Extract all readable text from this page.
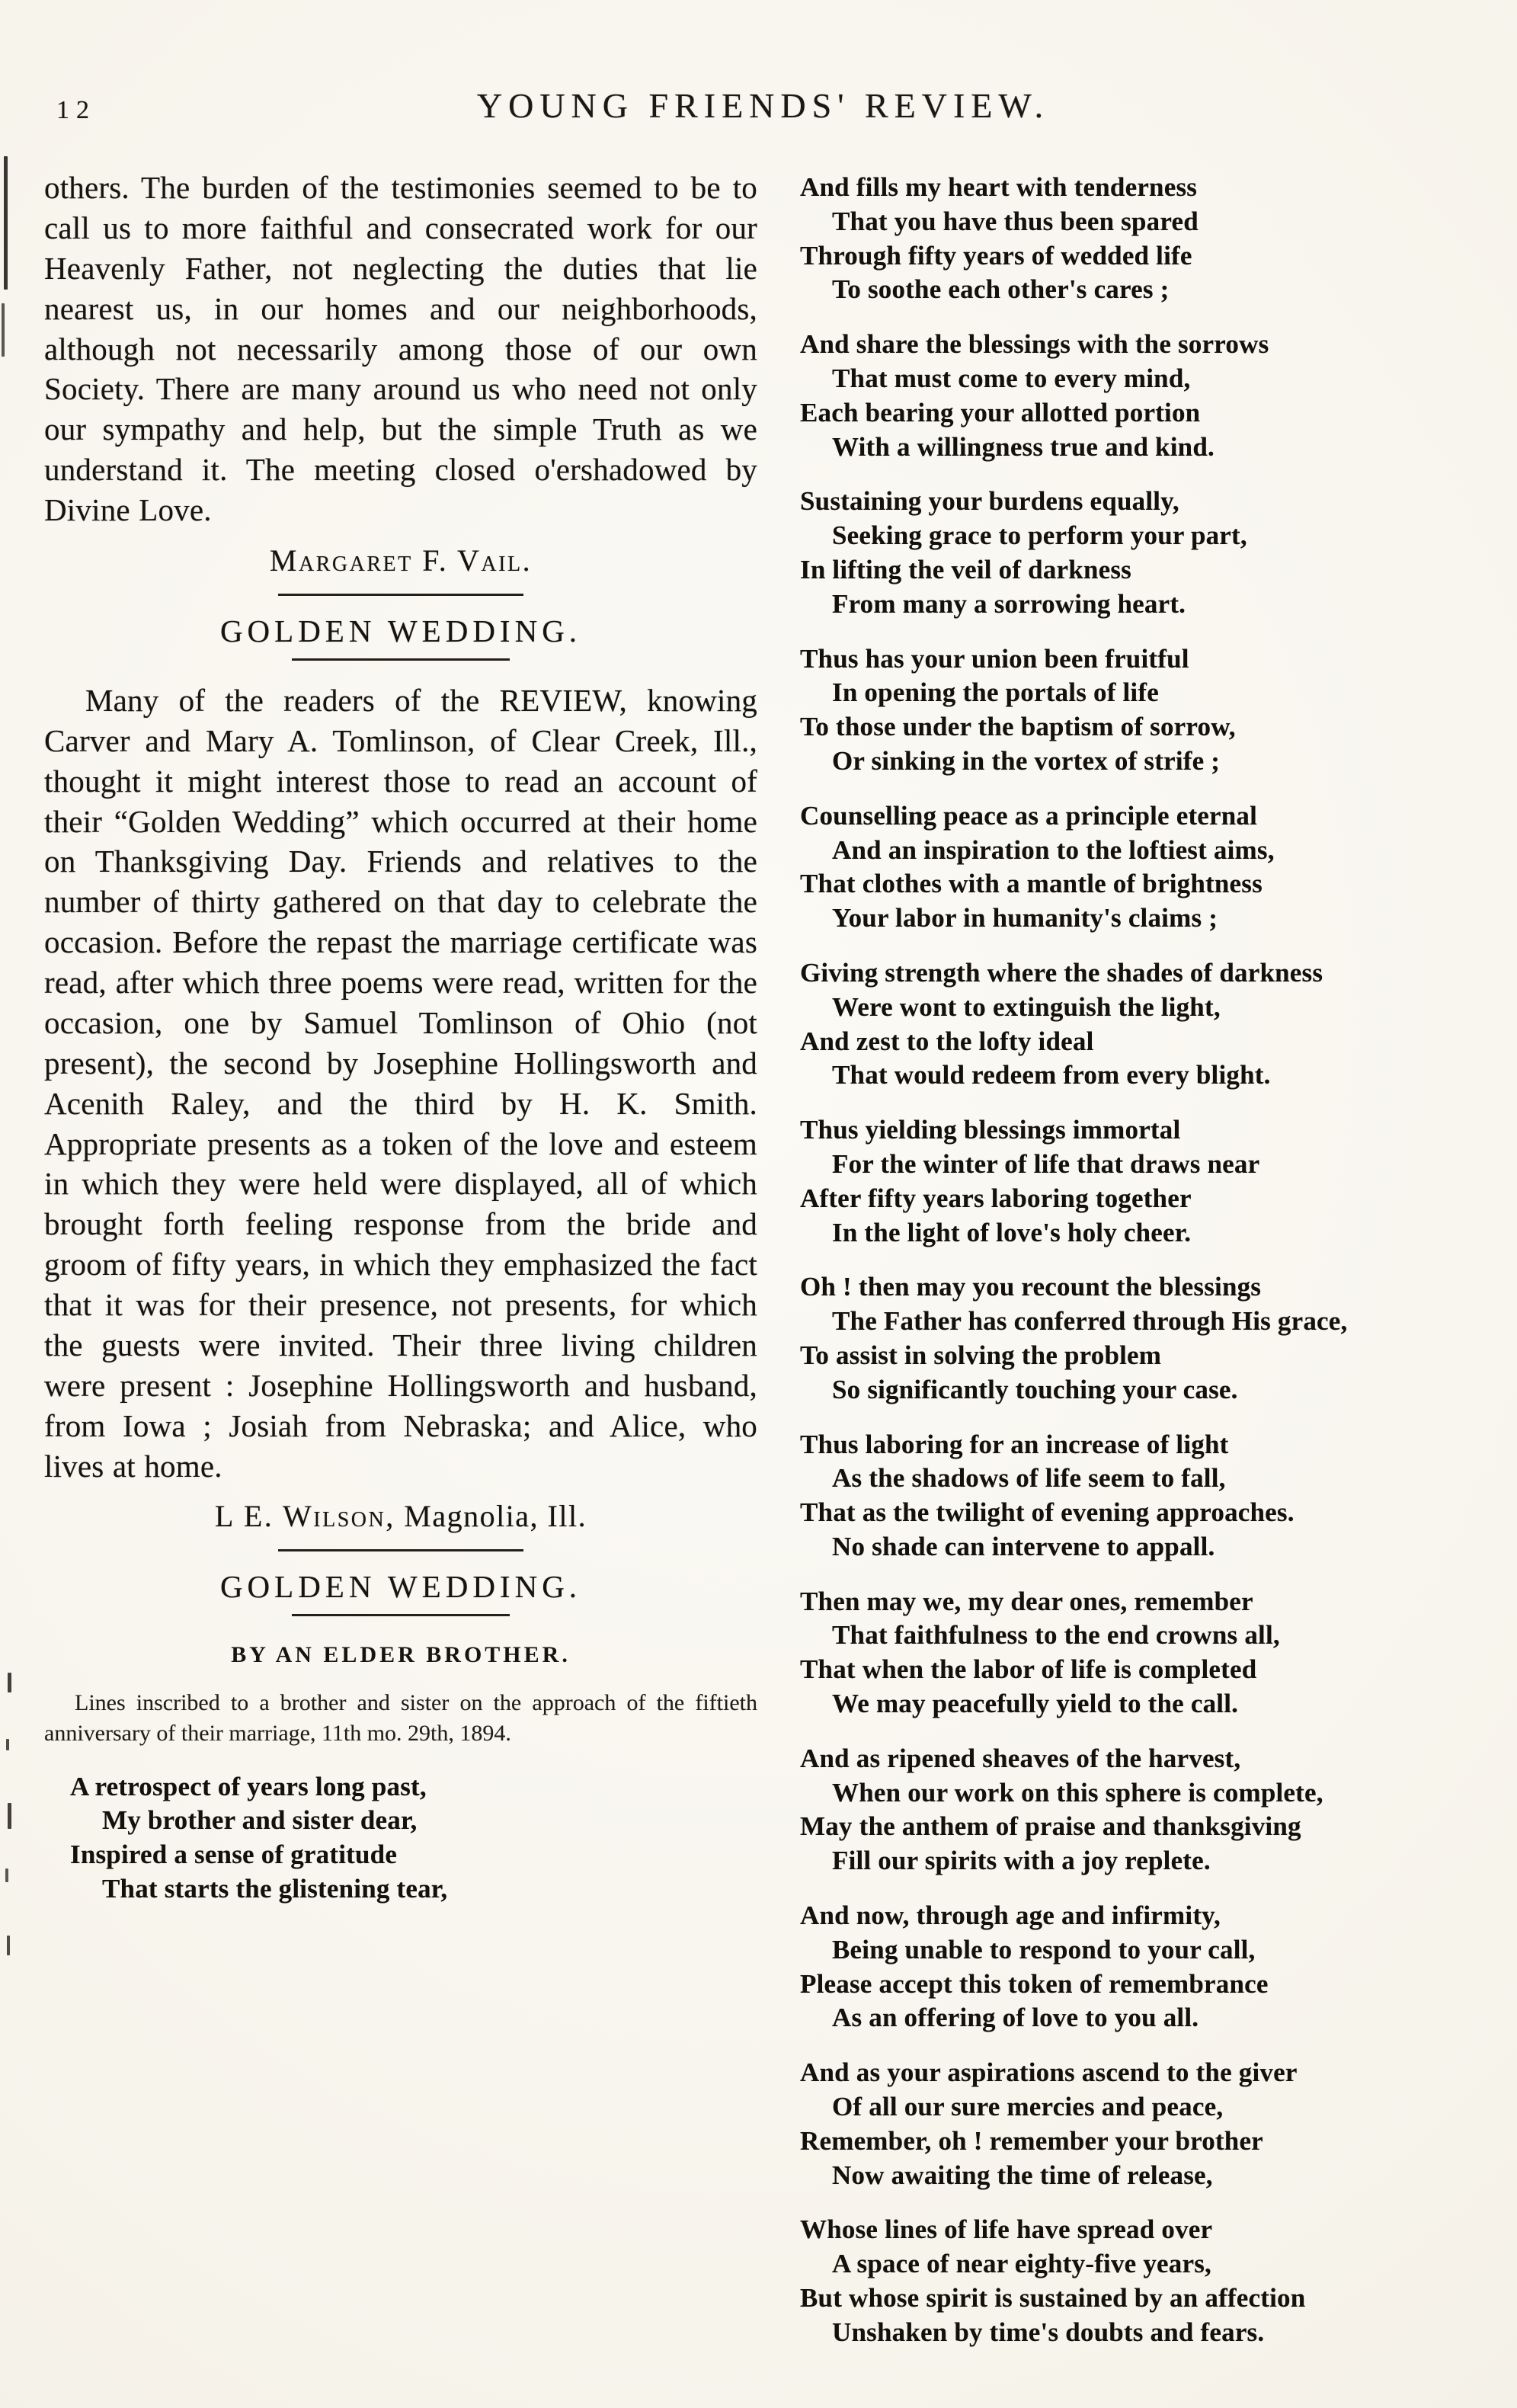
12	YOUNG FRIENDS' REVIEW.

others. The burden of the testimonies seemed to be to call us to more faithful and consecrated work for our Heavenly Father, not neglecting the duties that lie nearest us, in our homes and our neighborhoods, although not necessarily among those of our own Society. There are many around us who need not only our sympathy and help, but the simple Truth as we understand it. The meeting closed o'ershadowed by Divine Love.

Margaret F. Vail.

GOLDEN WEDDING.

Many of the readers of the REVIEW, knowing Carver and Mary A. Tomlinson, of Clear Creek, Ill., thought it might interest those to read an account of their “Golden Wedding” which occurred at their home on Thanksgiving Day. Friends and relatives to the number of thirty gathered on that day to celebrate the occasion. Before the repast the marriage certificate was read, after which three poems were read, written for the occasion, one by Samuel Tomlinson of Ohio (not present), the second by Josephine Hollingsworth and Acenith Raley, and the third by H. K. Smith. Appropriate presents as a token of the love and esteem in which they were held were displayed, all of which brought forth feeling response from the bride and groom of fifty years, in which they emphasized the fact that it was for their presence, not presents, for which the guests were invited. Their three living children were present : Josephine Hollingsworth and husband, from Iowa ; Josiah from Nebraska; and Alice, who lives at home.

L E. Wilson, Magnolia, Ill.

GOLDEN WEDDING.
BY AN ELDER BROTHER.

Lines inscribed to a brother and sister on the approach of the fiftieth anniversary of their marriage, 11th mo. 29th, 1894.

A retrospect of years long past,
My brother and sister dear,
Inspired a sense of gratitude
That starts the glistening tear,
And fills my heart with tenderness
That you have thus been spared
Through fifty years of wedded life
To soothe each other's cares ;
And share the blessings with the sorrows
That must come to every mind,
Each bearing your allotted portion
With a willingness true and kind.
Sustaining your burdens equally,
Seeking grace to perform your part,
In lifting the veil of darkness
From many a sorrowing heart.
Thus has your union been fruitful
In opening the portals of life
To those under the baptism of sorrow,
Or sinking in the vortex of strife ;
Counselling peace as a principle eternal
And an inspiration to the loftiest aims,
That clothes with a mantle of brightness
Your labor in humanity's claims ;
Giving strength where the shades of darkness
Were wont to extinguish the light,
And zest to the lofty ideal
That would redeem from every blight.
Thus yielding blessings immortal
For the winter of life that draws near
After fifty years laboring together
In the light of love's holy cheer.
Oh ! then may you recount the blessings
The Father has conferred through His grace,
To assist in solving the problem
So significantly touching your case.
Thus laboring for an increase of light
As the shadows of life seem to fall,
That as the twilight of evening approaches.
No shade can intervene to appall.
Then may we, my dear ones, remember
That faithfulness to the end crowns all,
That when the labor of life is completed
We may peacefully yield to the call.
And as ripened sheaves of the harvest,
When our work on this sphere is complete,
May the anthem of praise and thanksgiving
Fill our spirits with a joy replete.
And now, through age and infirmity,
Being unable to respond to your call,
Please accept this token of remembrance
As an offering of love to you all.
And as your aspirations ascend to the giver
Of all our sure mercies and peace,
Remember, oh ! remember your brother
Now awaiting the time of release,
Whose lines of life have spread over
A space of near eighty-five years,
But whose spirit is sustained by an affection
Unshaken by time's doubts and fears.
